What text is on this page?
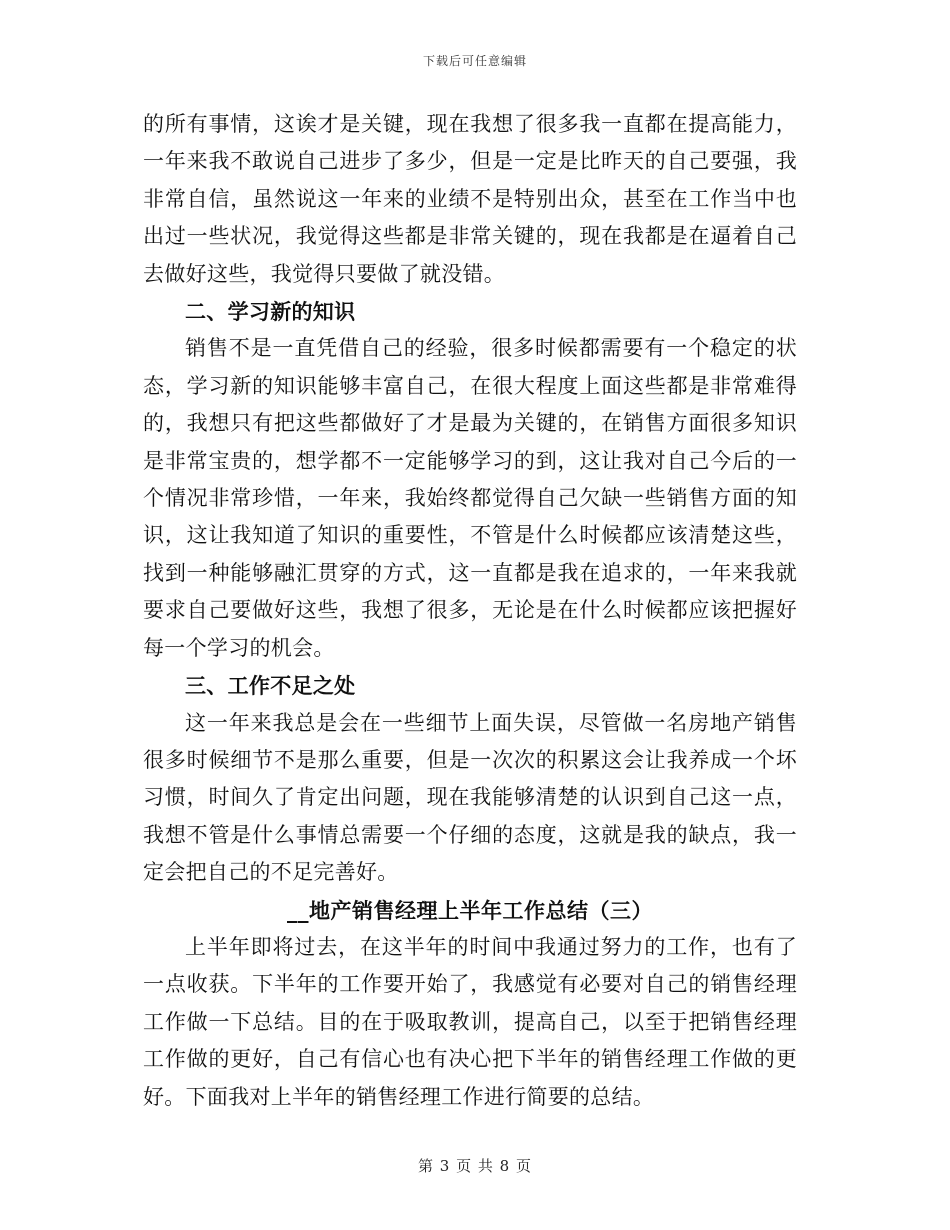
下载后可任意编辑

的所有事情，这诶才是关键，现在我想了很多我一直都在提高能力，一年来我不敢说自己进步了多少，但是一定是比昨天的自己要强，我非常自信，虽然说这一年来的业绩不是特别出众，甚至在工作当中也出过一些状况，我觉得这些都是非常关键的，现在我都是在逼着自己去做好这些，我觉得只要做了就没错。

二、学习新的知识

销售不是一直凭借自己的经验，很多时候都需要有一个稳定的状态，学习新的知识能够丰富自己，在很大程度上面这些都是非常难得的，我想只有把这些都做好了才是最为关键的，在销售方面很多知识是非常宝贵的，想学都不一定能够学习的到，这让我对自己今后的一个情况非常珍惜，一年来，我始终都觉得自己欠缺一些销售方面的知识，这让我知道了知识的重要性，不管是什么时候都应该清楚这些，找到一种能够融汇贯穿的方式，这一直都是我在追求的，一年来我就要求自己要做好这些，我想了很多，无论是在什么时候都应该把握好每一个学习的机会。

三、工作不足之处

这一年来我总是会在一些细节上面失误，尽管做一名房地产销售很多时候细节不是那么重要，但是一次次的积累这会让我养成一个坏习惯，时间久了肯定出问题，现在我能够清楚的认识到自己这一点，我想不管是什么事情总需要一个仔细的态度，这就是我的缺点，我一定会把自己的不足完善好。

__地产销售经理上半年工作总结（三）

上半年即将过去，在这半年的时间中我通过努力的工作，也有了一点收获。下半年的工作要开始了，我感觉有必要对自己的销售经理工作做一下总结。目的在于吸取教训，提高自己，以至于把销售经理工作做的更好，自己有信心也有决心把下半年的销售经理工作做的更好。下面我对上半年的销售经理工作进行简要的总结。

第 3 页 共 8 页
